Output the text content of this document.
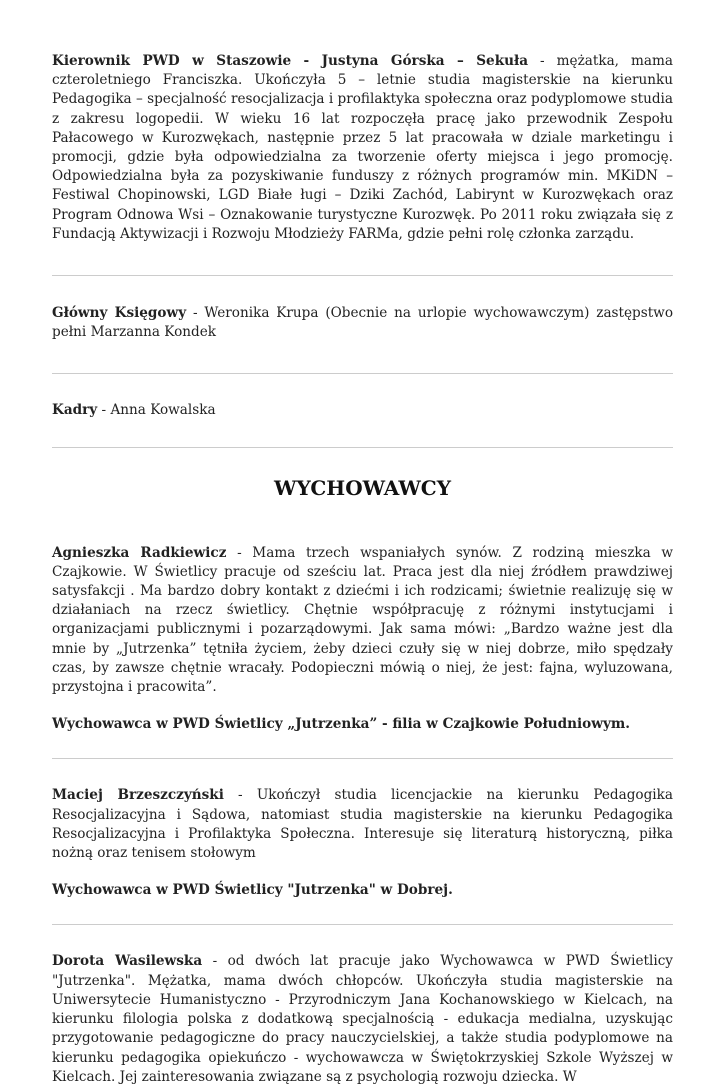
Kierownik PWD w Staszowie - Justyna Górska – Sekuła - mężatka, mama czteroletniego Franciszka. Ukończyła 5 – letnie studia magisterskie na kierunku Pedagogika – specjalność resocjalizacja i profilaktyka społeczna oraz podyplomowe studia z zakresu logopedii. W wieku 16 lat rozpoczęła pracę jako przewodnik Zespołu Pałacowego w Kurozwękach, następnie przez 5 lat pracowała w dziale marketingu i promocji, gdzie była odpowiedzialna za tworzenie oferty miejsca i jego promocję. Odpowiedzialna była za pozyskiwanie funduszy z różnych programów min. MKiDN – Festiwal Chopinowski, LGD Białe ługi – Dziki Zachód, Labirynt w Kurozwękach oraz Program Odnowa Wsi – Oznakowanie turystyczne Kurozwęk. Po 2011 roku związała się z Fundacją Aktywizacji i Rozwoju Młodzieży FARMa, gdzie pełni rolę członka zarządu.

Główny Księgowy - Weronika Krupa (Obecnie na urlopie wychowawczym) zastępstwo pełni Marzanna Kondek

Kadry - Anna Kowalska

WYCHOWAWCY

Agnieszka Radkiewicz - Mama trzech wspaniałych synów. Z rodziną mieszka w Czajkowie. W Świetlicy pracuje od sześciu lat. Praca jest dla niej źródłem prawdziwej satysfakcji . Ma bardzo dobry kontakt z dziećmi i ich rodzicami; świetnie realizuję się w działaniach na rzecz świetlicy. Chętnie współpracuję z różnymi instytucjami i organizacjami publicznymi i pozarządowymi. Jak sama mówi: „Bardzo ważne jest dla mnie by „Jutrzenka” tętniła życiem, żeby dzieci czuły się w niej dobrze, miło spędzały czas, by zawsze chętnie wracały. Podopieczni mówią o niej, że jest: fajna, wyluzowana, przystojna i pracowita”.

Wychowawca w PWD Świetlicy „Jutrzenka” - filia w Czajkowie Południowym.

Maciej Brzeszczyński - Ukończył studia licencjackie na kierunku Pedagogika Resocjalizacyjna i Sądowa, natomiast studia magisterskie na kierunku Pedagogika Resocjalizacyjna i Profilaktyka Społeczna. Interesuje się literaturą historyczną, piłka nożną oraz tenisem stołowym

Wychowawca w PWD Świetlicy "Jutrzenka" w Dobrej.

Dorota Wasilewska - od dwóch lat pracuje jako Wychowawca w PWD Świetlicy "Jutrzenka". Mężatka, mama dwóch chłopców. Ukończyła studia magisterskie na Uniwersytecie Humanistyczno - Przyrodniczym Jana Kochanowskiego w Kielcach, na kierunku filologia polska z dodatkową specjalnością - edukacja medialna, uzyskując przygotowanie pedagogiczne do pracy nauczycielskiej, a także studia podyplomowe na kierunku pedagogika opiekuńczo - wychowawcza w Świętokrzyskiej Szkole Wyższej w Kielcach. Jej zainteresowania związane są z psychologią rozwoju dziecka. W
